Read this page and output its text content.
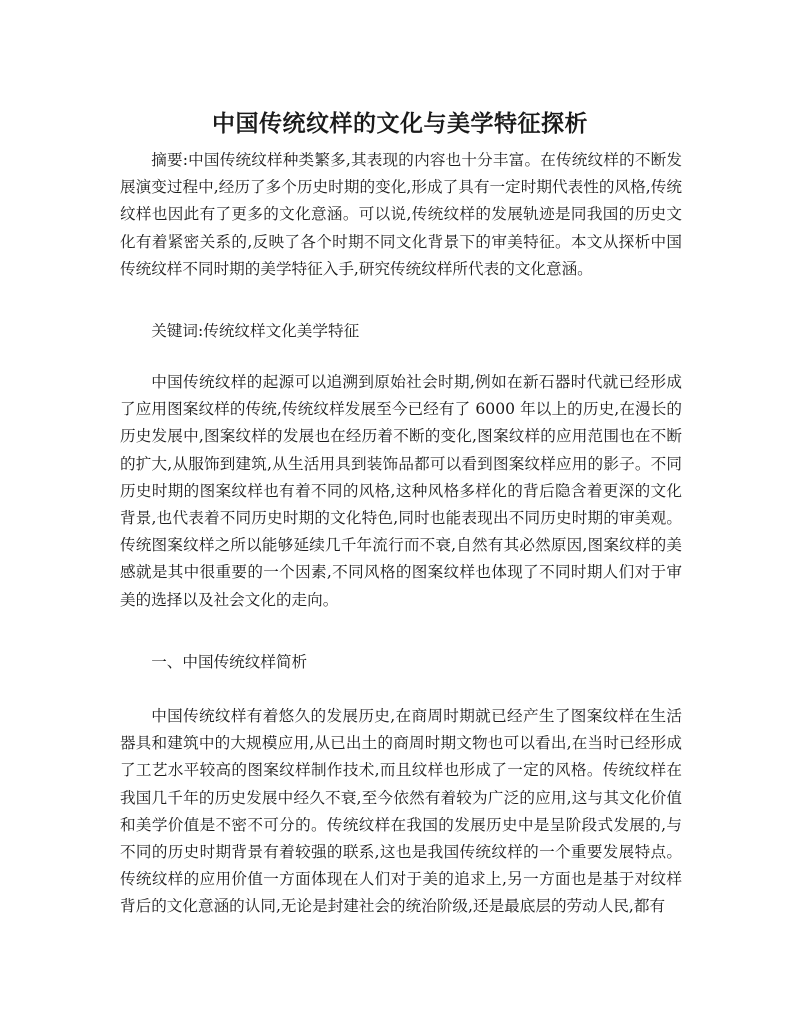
中国传统纹样的文化与美学特征探析

摘要:中国传统纹样种类繁多,其表现的内容也十分丰富。在传统纹样的不断发展演变过程中,经历了多个历史时期的变化,形成了具有一定时期代表性的风格,传统纹样也因此有了更多的文化意涵。可以说,传统纹样的发展轨迹是同我国的历史文化有着紧密关系的,反映了各个时期不同文化背景下的审美特征。本文从探析中国传统纹样不同时期的美学特征入手,研究传统纹样所代表的文化意涵。

关键词:传统纹样文化美学特征

中国传统纹样的起源可以追溯到原始社会时期,例如在新石器时代就已经形成了应用图案纹样的传统,传统纹样发展至今已经有了 6000 年以上的历史,在漫长的历史发展中,图案纹样的发展也在经历着不断的变化,图案纹样的应用范围也在不断的扩大,从服饰到建筑,从生活用具到装饰品都可以看到图案纹样应用的影子。不同历史时期的图案纹样也有着不同的风格,这种风格多样化的背后隐含着更深的文化背景,也代表着不同历史时期的文化特色,同时也能表现出不同历史时期的审美观。传统图案纹样之所以能够延续几千年流行而不衰,自然有其必然原因,图案纹样的美感就是其中很重要的一个因素,不同风格的图案纹样也体现了不同时期人们对于审美的选择以及社会文化的走向。

一、中国传统纹样简析

中国传统纹样有着悠久的发展历史,在商周时期就已经产生了图案纹样在生活器具和建筑中的大规模应用,从已出土的商周时期文物也可以看出,在当时已经形成了工艺水平较高的图案纹样制作技术,而且纹样也形成了一定的风格。传统纹样在我国几千年的历史发展中经久不衰,至今依然有着较为广泛的应用,这与其文化价值和美学价值是不密不可分的。传统纹样在我国的发展历史中是呈阶段式发展的,与不同的历史时期背景有着较强的联系,这也是我国传统纹样的一个重要发展特点。传统纹样的应用价值一方面体现在人们对于美的追求上,另一方面也是基于对纹样背后的文化意涵的认同,无论是封建社会的统治阶级,还是最底层的劳动人民,都有
